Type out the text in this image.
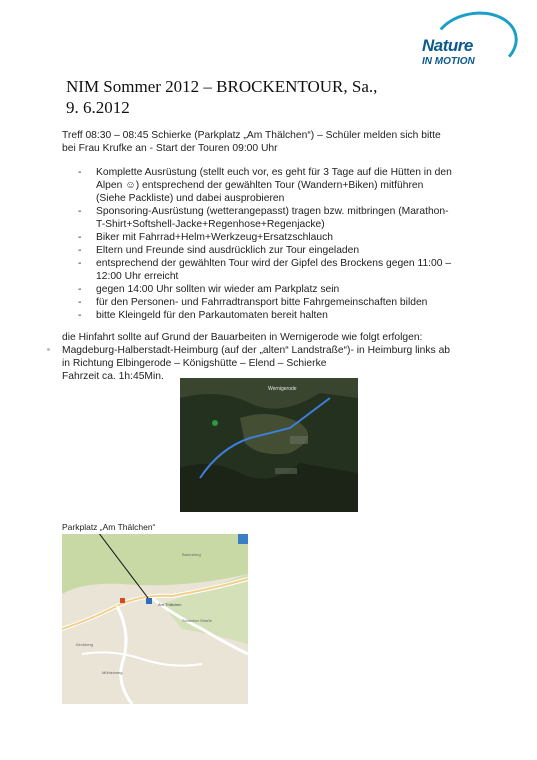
Nature
IN MOTION
NIM Sommer 2012 – BROCKENTOUR, Sa.,
9. 6.2012
Treff 08:30 – 08:45 Schierke (Parkplatz „Am Thälchen“) – Schüler melden sich bitte
bei Frau Krufke an - Start der Touren 09:00 Uhr
- Komplette Ausrüstung (stellt euch vor, es geht für 3 Tage auf die Hütten in den
Alpen ☺) entsprechend der gewählten Tour (Wandern+Biken) mitführen
(Siehe Packliste) und dabei ausprobieren
- Sponsoring-Ausrüstung (wetterangepasst) tragen bzw. mitbringen (Marathon-
T-Shirt+Softshell-Jacke+Regenhose+Regenjacke)
- Biker mit Fahrrad+Helm+Werkzeug+Ersatzschlauch
- Eltern und Freunde sind ausdrücklich zur Tour eingeladen
- entsprechend der gewählten Tour wird der Gipfel des Brockens gegen 11:00 –
12:00 Uhr erreicht
- gegen 14:00 Uhr sollten wir wieder am Parkplatz sein
- für den Personen- und Fahrradtransport bitte Fahrgemeinschaften bilden
- bitte Kleingeld für den Parkautomaten bereit halten
die Hinfahrt sollte auf Grund der Bauarbeiten in Wernigerode wie folgt erfolgen:
Magdeburg-Halberstadt-Heimburg (auf der „alten“ Landstraße“)- in Heimburg links ab
in Richtung Elbingerode – Königshütte – Elend – Schierke
Fahrzeit ca. 1h:45Min.
Wernigerode
Parkplatz „Am Thälchen“
Barenberg
Kirchberg
Schierker Straße
Mühlenweg
Am Thälchen
